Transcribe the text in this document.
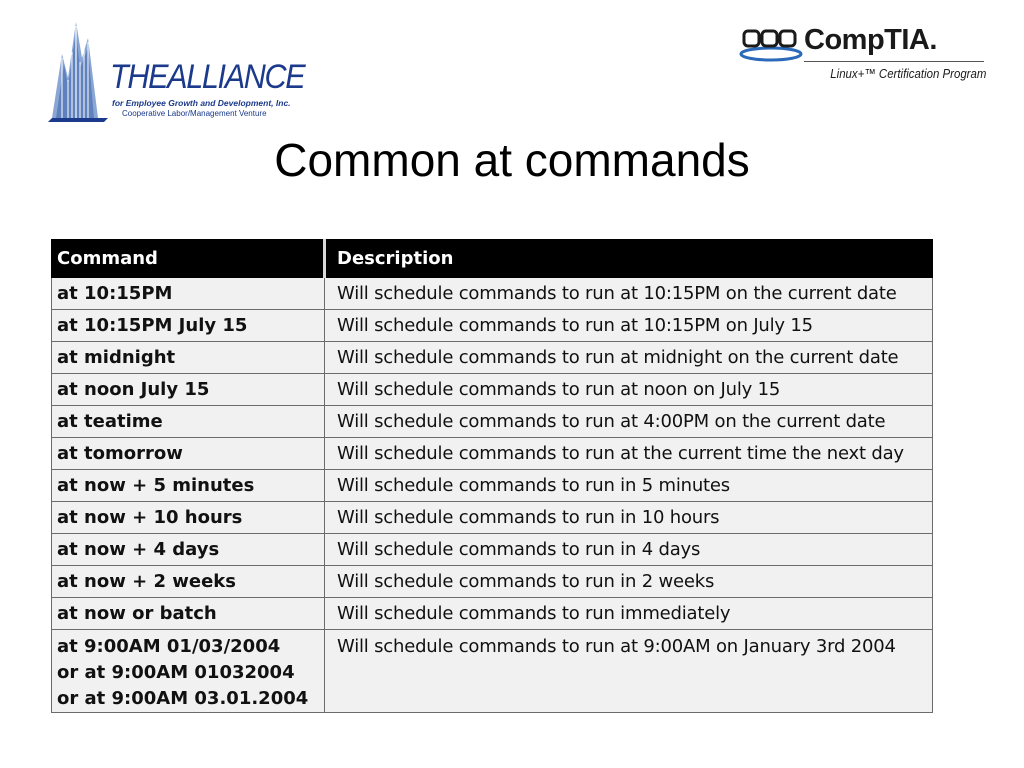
THEALLIANCE
for Employee Growth and Development, Inc.
Cooperative Labor/Management Venture
CompTIA.
Linux+™ Certification Program
Common at commands
Command	Description

at 10:15PM	Will schedule commands to run at 10:15PM on the current date

at 10:15PM July 15	Will schedule commands to run at 10:15PM on July 15

at midnight	Will schedule commands to run at midnight on the current date

at noon July 15	Will schedule commands to run at noon on July 15

at teatime	Will schedule commands to run at 4:00PM on the current date

at tomorrow	Will schedule commands to run at the current time the next day

at now + 5 minutes	Will schedule commands to run in 5 minutes

at now + 10 hours	Will schedule commands to run in 10 hours

at now + 4 days	Will schedule commands to run in 4 days

at now + 2 weeks	Will schedule commands to run in 2 weeks

at now or batch	Will schedule commands to run immediately

at 9:00AM 01/03/2004
or at 9:00AM 01032004
or at 9:00AM 03.01.2004	Will schedule commands to run at 9:00AM on January 3rd 2004
